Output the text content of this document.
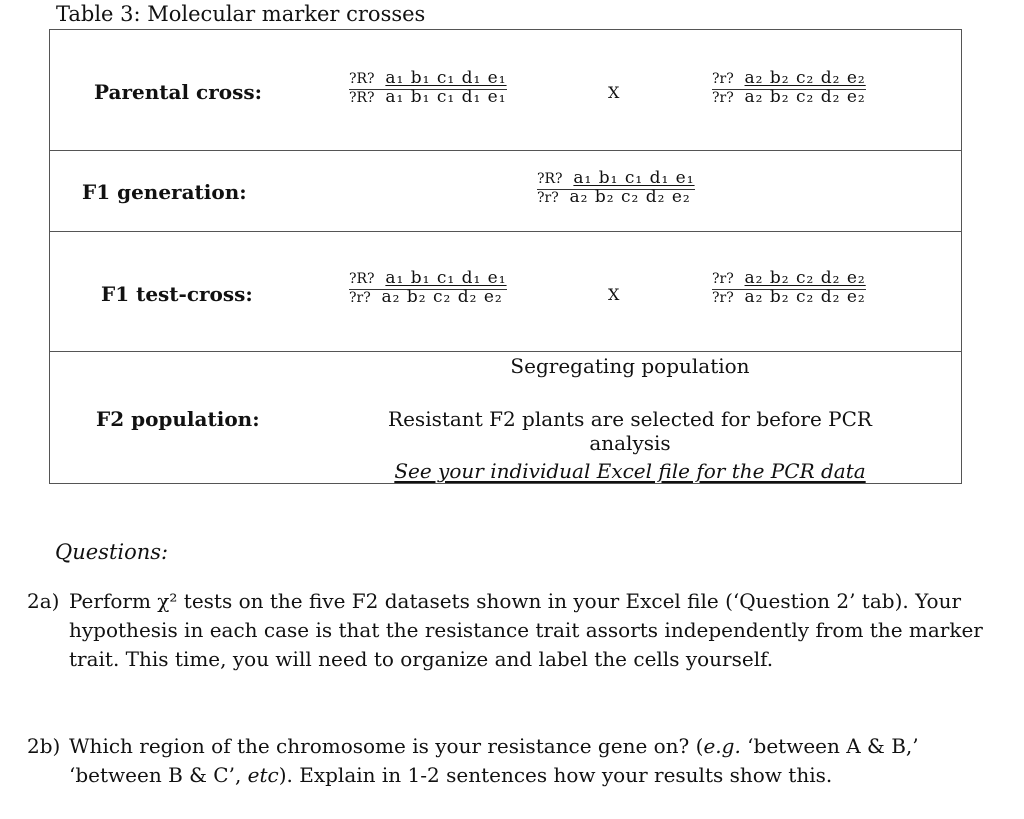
Table 3: Molecular marker crosses
Parental cross:
?R? a₁ b₁ c₁ d₁ e₁
?R? a₁ b₁ c₁ d₁ e₁	X
?r? a₂ b₂ c₂ d₂ e₂
?r? a₂ b₂ c₂ d₂ e₂
F1 generation:
?R? a₁ b₁ c₁ d₁ e₁
?r? a₂ b₂ c₂ d₂ e₂
F1 test-cross:
?R? a₁ b₁ c₁ d₁ e₁
?r? a₂ b₂ c₂ d₂ e₂	X
?r? a₂ b₂ c₂ d₂ e₂
?r? a₂ b₂ c₂ d₂ e₂
F2 population:
Segregating population
Resistant F2 plants are selected for before PCR analysis
See your individual Excel file for the PCR data
Questions:
2a) Perform χ² tests on the five F2 datasets shown in your Excel file (‘Question 2’ tab). Your hypothesis in each case is that the resistance trait assorts independently from the marker trait. This time, you will need to organize and label the cells yourself.
2b) Which region of the chromosome is your resistance gene on? (e.g. ‘between A & B,’ ‘between B & C’, etc). Explain in 1-2 sentences how your results show this.
